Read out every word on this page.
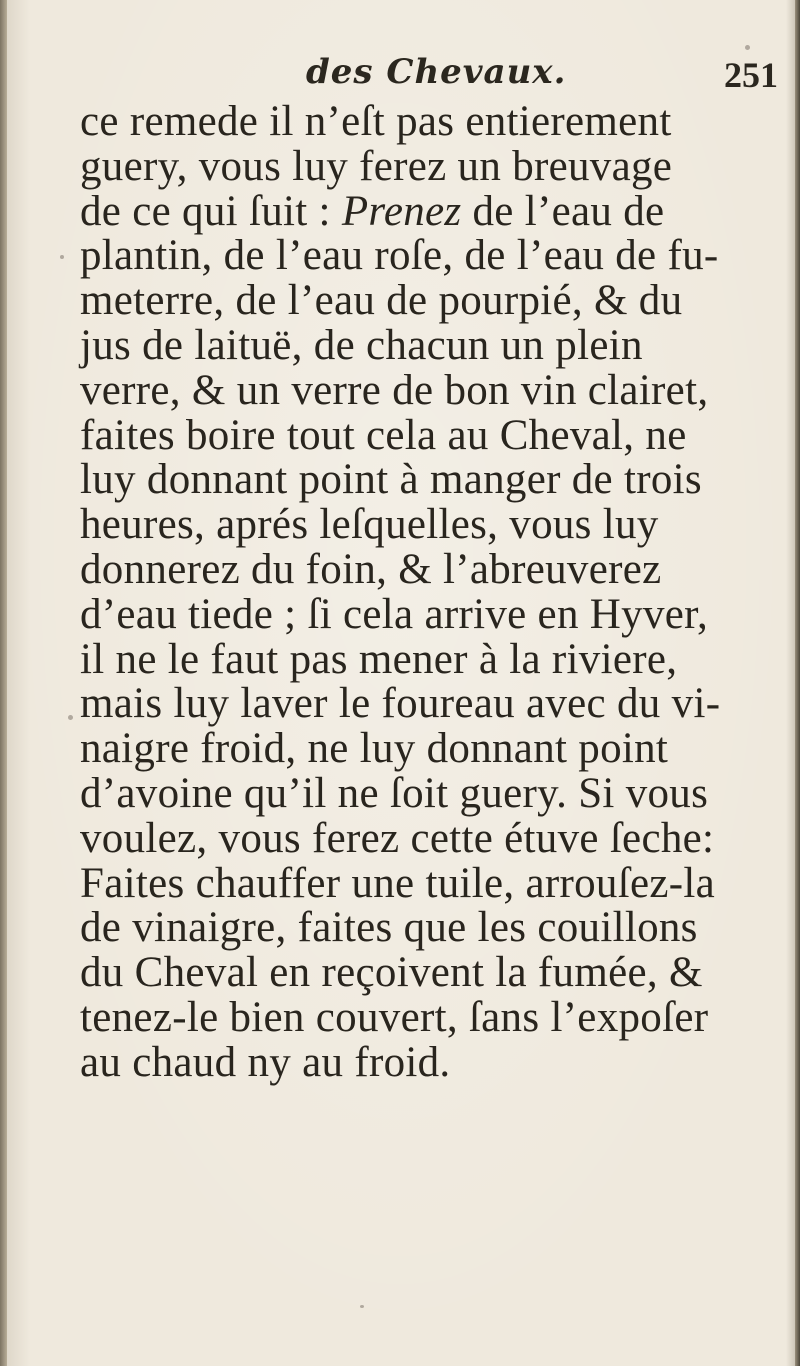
des Chevaux.	251
ce remede il n’eſt pas entierement
guery, vous luy ferez un breuvage
de ce qui ſuit : Prenez de l’eau de
plantin, de l’eau roſe, de l’eau de fu-
meterre, de l’eau de pourpié, & du
jus de laituë, de chacun un plein
verre, & un verre de bon vin clairet,
faites boire tout cela au Cheval, ne
luy donnant point à manger de trois
heures, aprés leſquelles, vous luy
donnerez du foin, & l’abreuverez
d’eau tiede ; ſi cela arrive en Hyver,
il ne le faut pas mener à la riviere,
mais luy laver le foureau avec du vi-
naigre froid, ne luy donnant point
d’avoine qu’il ne ſoit guery. Si vous
voulez, vous ferez cette étuve ſeche:
Faites chauffer une tuile, arrouſez-la
de vinaigre, faites que les couillons
du Cheval en reçoivent la fumée, &
tenez-le bien couvert, ſans l’expoſer
au chaud ny au froid.
